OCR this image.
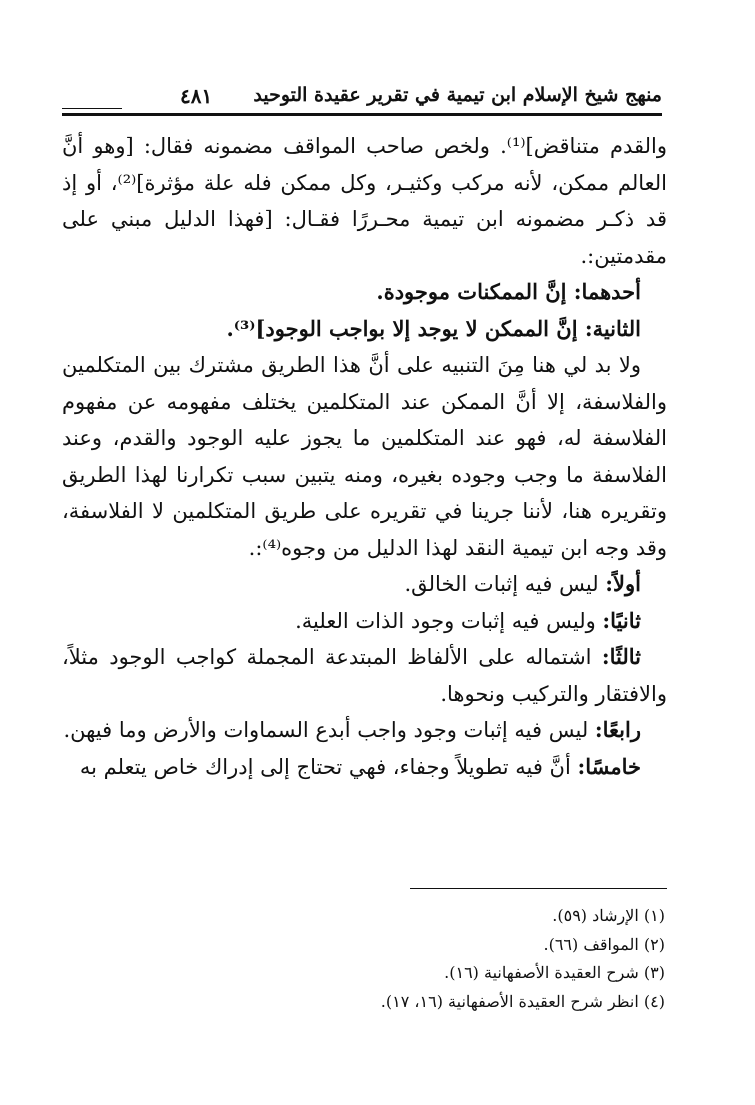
منهج شيخ الإسلام ابن تيمية في تقرير عقيدة التوحيد
٤٨١

والقدم متناقض]⁽¹⁾. ولخص صاحب المواقف مضمونه فقال: [وهو أنَّ العالم ممكن، لأنه مركب وكثيـر، وكل ممكن فله علة مؤثرة]⁽²⁾، أو إذ قد ذكـر مضمونه ابن تيمية محـررًا فقـال: [فهذا الدليل مبني على مقدمتين:.

أحدهما: إنَّ الممكنات موجودة.

الثانية: إنَّ الممكن لا يوجد إلا بواجب الوجود]⁽³⁾.

ولا بد لي هنا مِنَ التنبيه على أنَّ هذا الطريق مشترك بين المتكلمين والفلاسفة، إلا أنَّ الممكن عند المتكلمين يختلف مفهومه عن مفهوم الفلاسفة له، فهو عند المتكلمين ما يجوز عليه الوجود والقدم، وعند الفلاسفة ما وجب وجوده بغيره، ومنه يتبين سبب تكرارنا لهذا الطريق وتقريره هنا، لأننا جرينا في تقريره على طريق المتكلمين لا الفلاسفة، وقد وجه ابن تيمية النقد لهذا الدليل من وجوه⁽⁴⁾:.

أولاً: ليس فيه إثبات الخالق.

ثانيًا: وليس فيه إثبات وجود الذات العلية.

ثالثًا: اشتماله على الألفاظ المبتدعة المجملة كواجب الوجود مثلاً، والافتقار والتركيب ونحوها.

رابعًا: ليس فيه إثبات وجود واجب أبدع السماوات والأرض وما فيهن.

خامسًا: أنَّ فيه تطويلاً وجفاء، فهي تحتاج إلى إدراك خاص يتعلم به

(١) الإرشاد (٥٩).
(٢) المواقف (٦٦).
(٣) شرح العقيدة الأصفهانية (١٦).
(٤) انظر شرح العقيدة الأصفهانية (١٦، ١٧).
